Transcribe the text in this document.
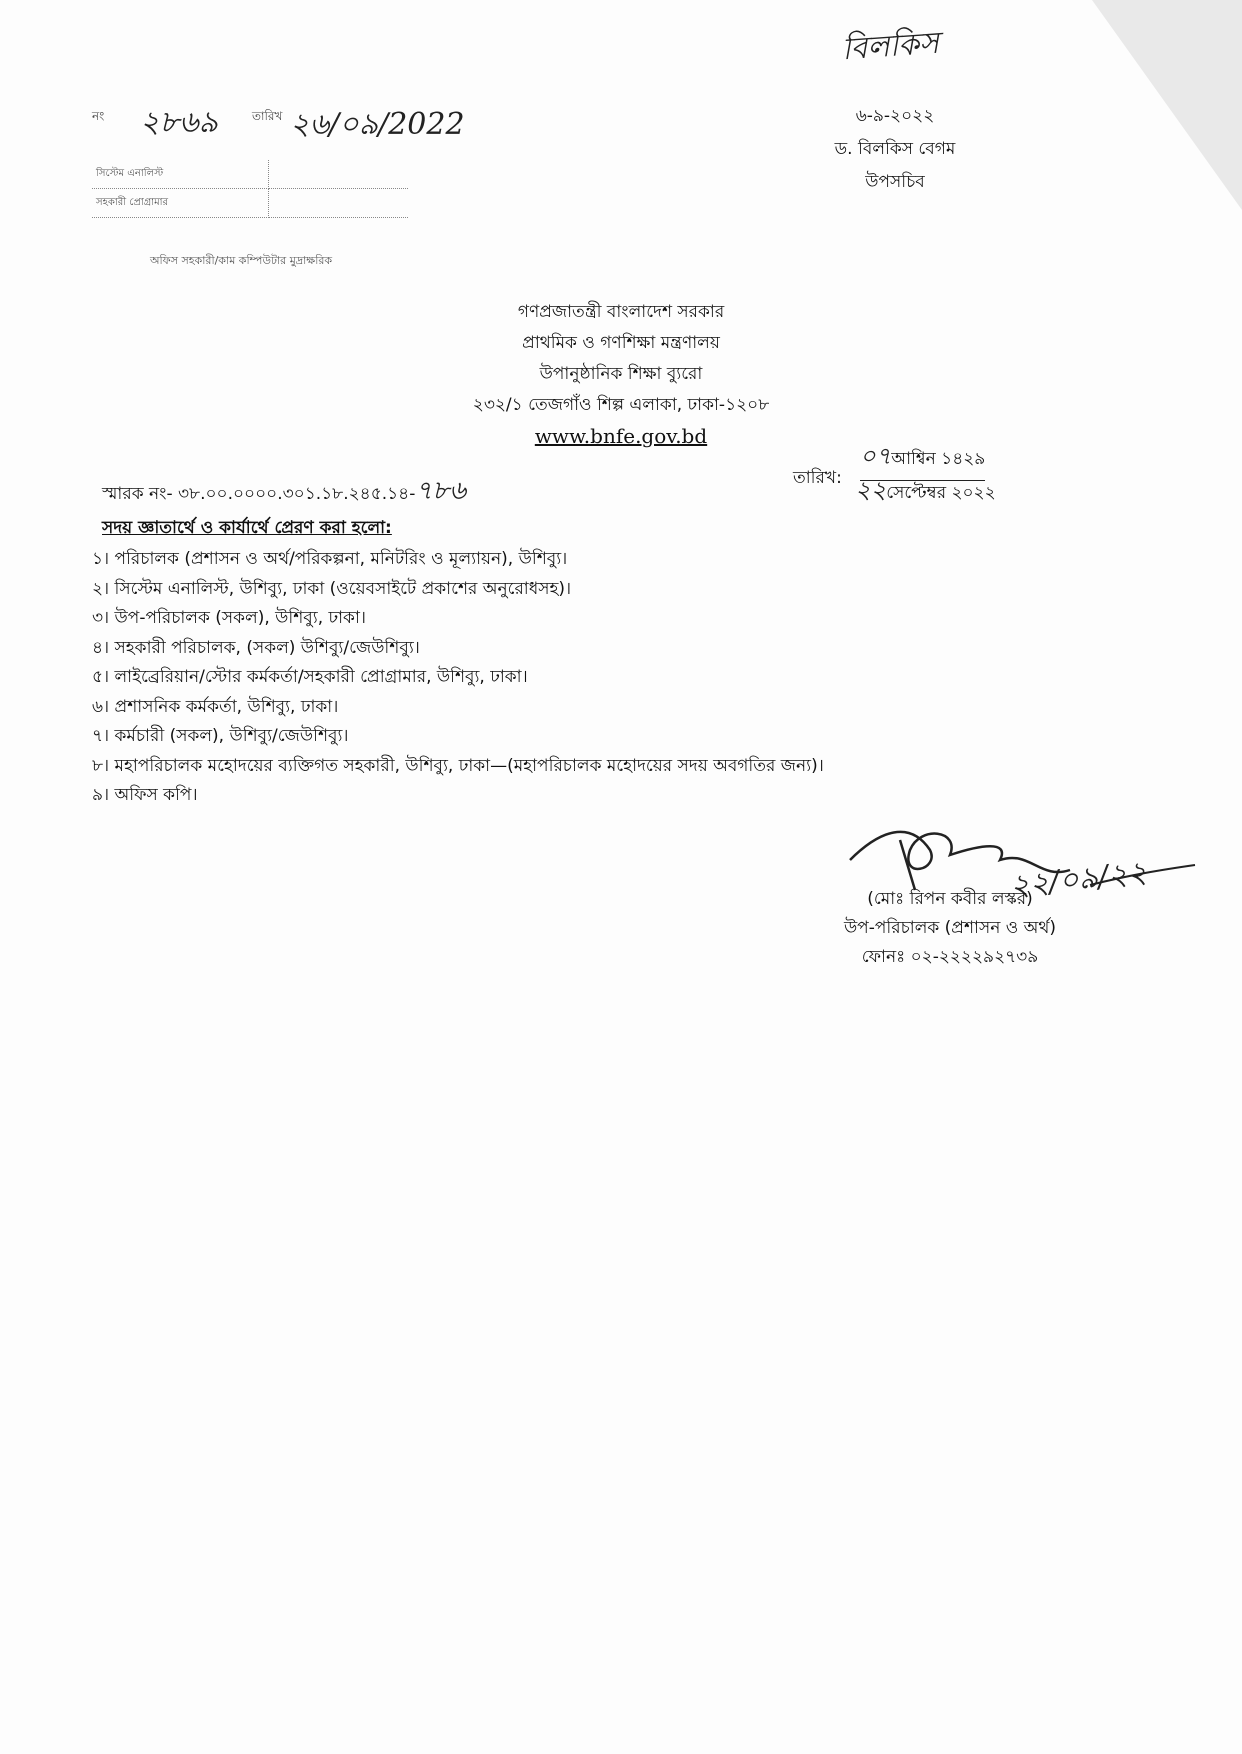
নং ২৮৬৯	তারিখ ২৬/০৯/2022
সিস্টেম এনালিস্ট	
সহকারী প্রোগ্রামার	
অফিস সহকারী/কাম কম্পিউটার মুদ্রাক্ষরিক
বিলকিস
৬-৯-২০২২
ড. বিলকিস বেগম
উপসচিব
গণপ্রজাতন্ত্রী বাংলাদেশ সরকার
প্রাথমিক ও গণশিক্ষা মন্ত্রণালয়
উপানুষ্ঠানিক শিক্ষা ব্যুরো
২৩২/১ তেজগাঁও শিল্প এলাকা, ঢাকা-১২০৮
www.bnfe.gov.bd
স্মারক নং- ৩৮.০০.০০০০.৩০১.১৮.২৪৫.১৪-৭৮৬	তারিখ:
০৭আশ্বিন ১৪২৯
২২সেপ্টেম্বর ২০২২
সদয় জ্ঞাতার্থে ও কার্যার্থে প্রেরণ করা হলো:
১। পরিচালক (প্রশাসন ও অর্থ/পরিকল্পনা, মনিটরিং ও মূল্যায়ন), উশিব্যু।
২। সিস্টেম এনালিস্ট, উশিব্যু, ঢাকা (ওয়েবসাইটে প্রকাশের অনুরোধসহ)।
৩। উপ-পরিচালক (সকল), উশিব্যু, ঢাকা।
৪। সহকারী পরিচালক, (সকল) উশিব্যু/জেউশিব্যু।
৫। লাইব্রেরিয়ান/স্টোর কর্মকর্তা/সহকারী প্রোগ্রামার, উশিব্যু, ঢাকা।
৬। প্রশাসনিক কর্মকর্তা, উশিব্যু, ঢাকা।
৭। কর্মচারী (সকল), উশিব্যু/জেউশিব্যু।
৮। মহাপরিচালক মহোদয়ের ব্যক্তিগত সহকারী, উশিব্যু, ঢাকা—(মহাপরিচালক মহোদয়ের সদয় অবগতির জন্য)।
৯। অফিস কপি।
২২/০৯/২২
(মোঃ রিপন কবীর লস্কর)
উপ-পরিচালক (প্রশাসন ও অর্থ)
ফোনঃ ০২-২২২২৯২৭৩৯
